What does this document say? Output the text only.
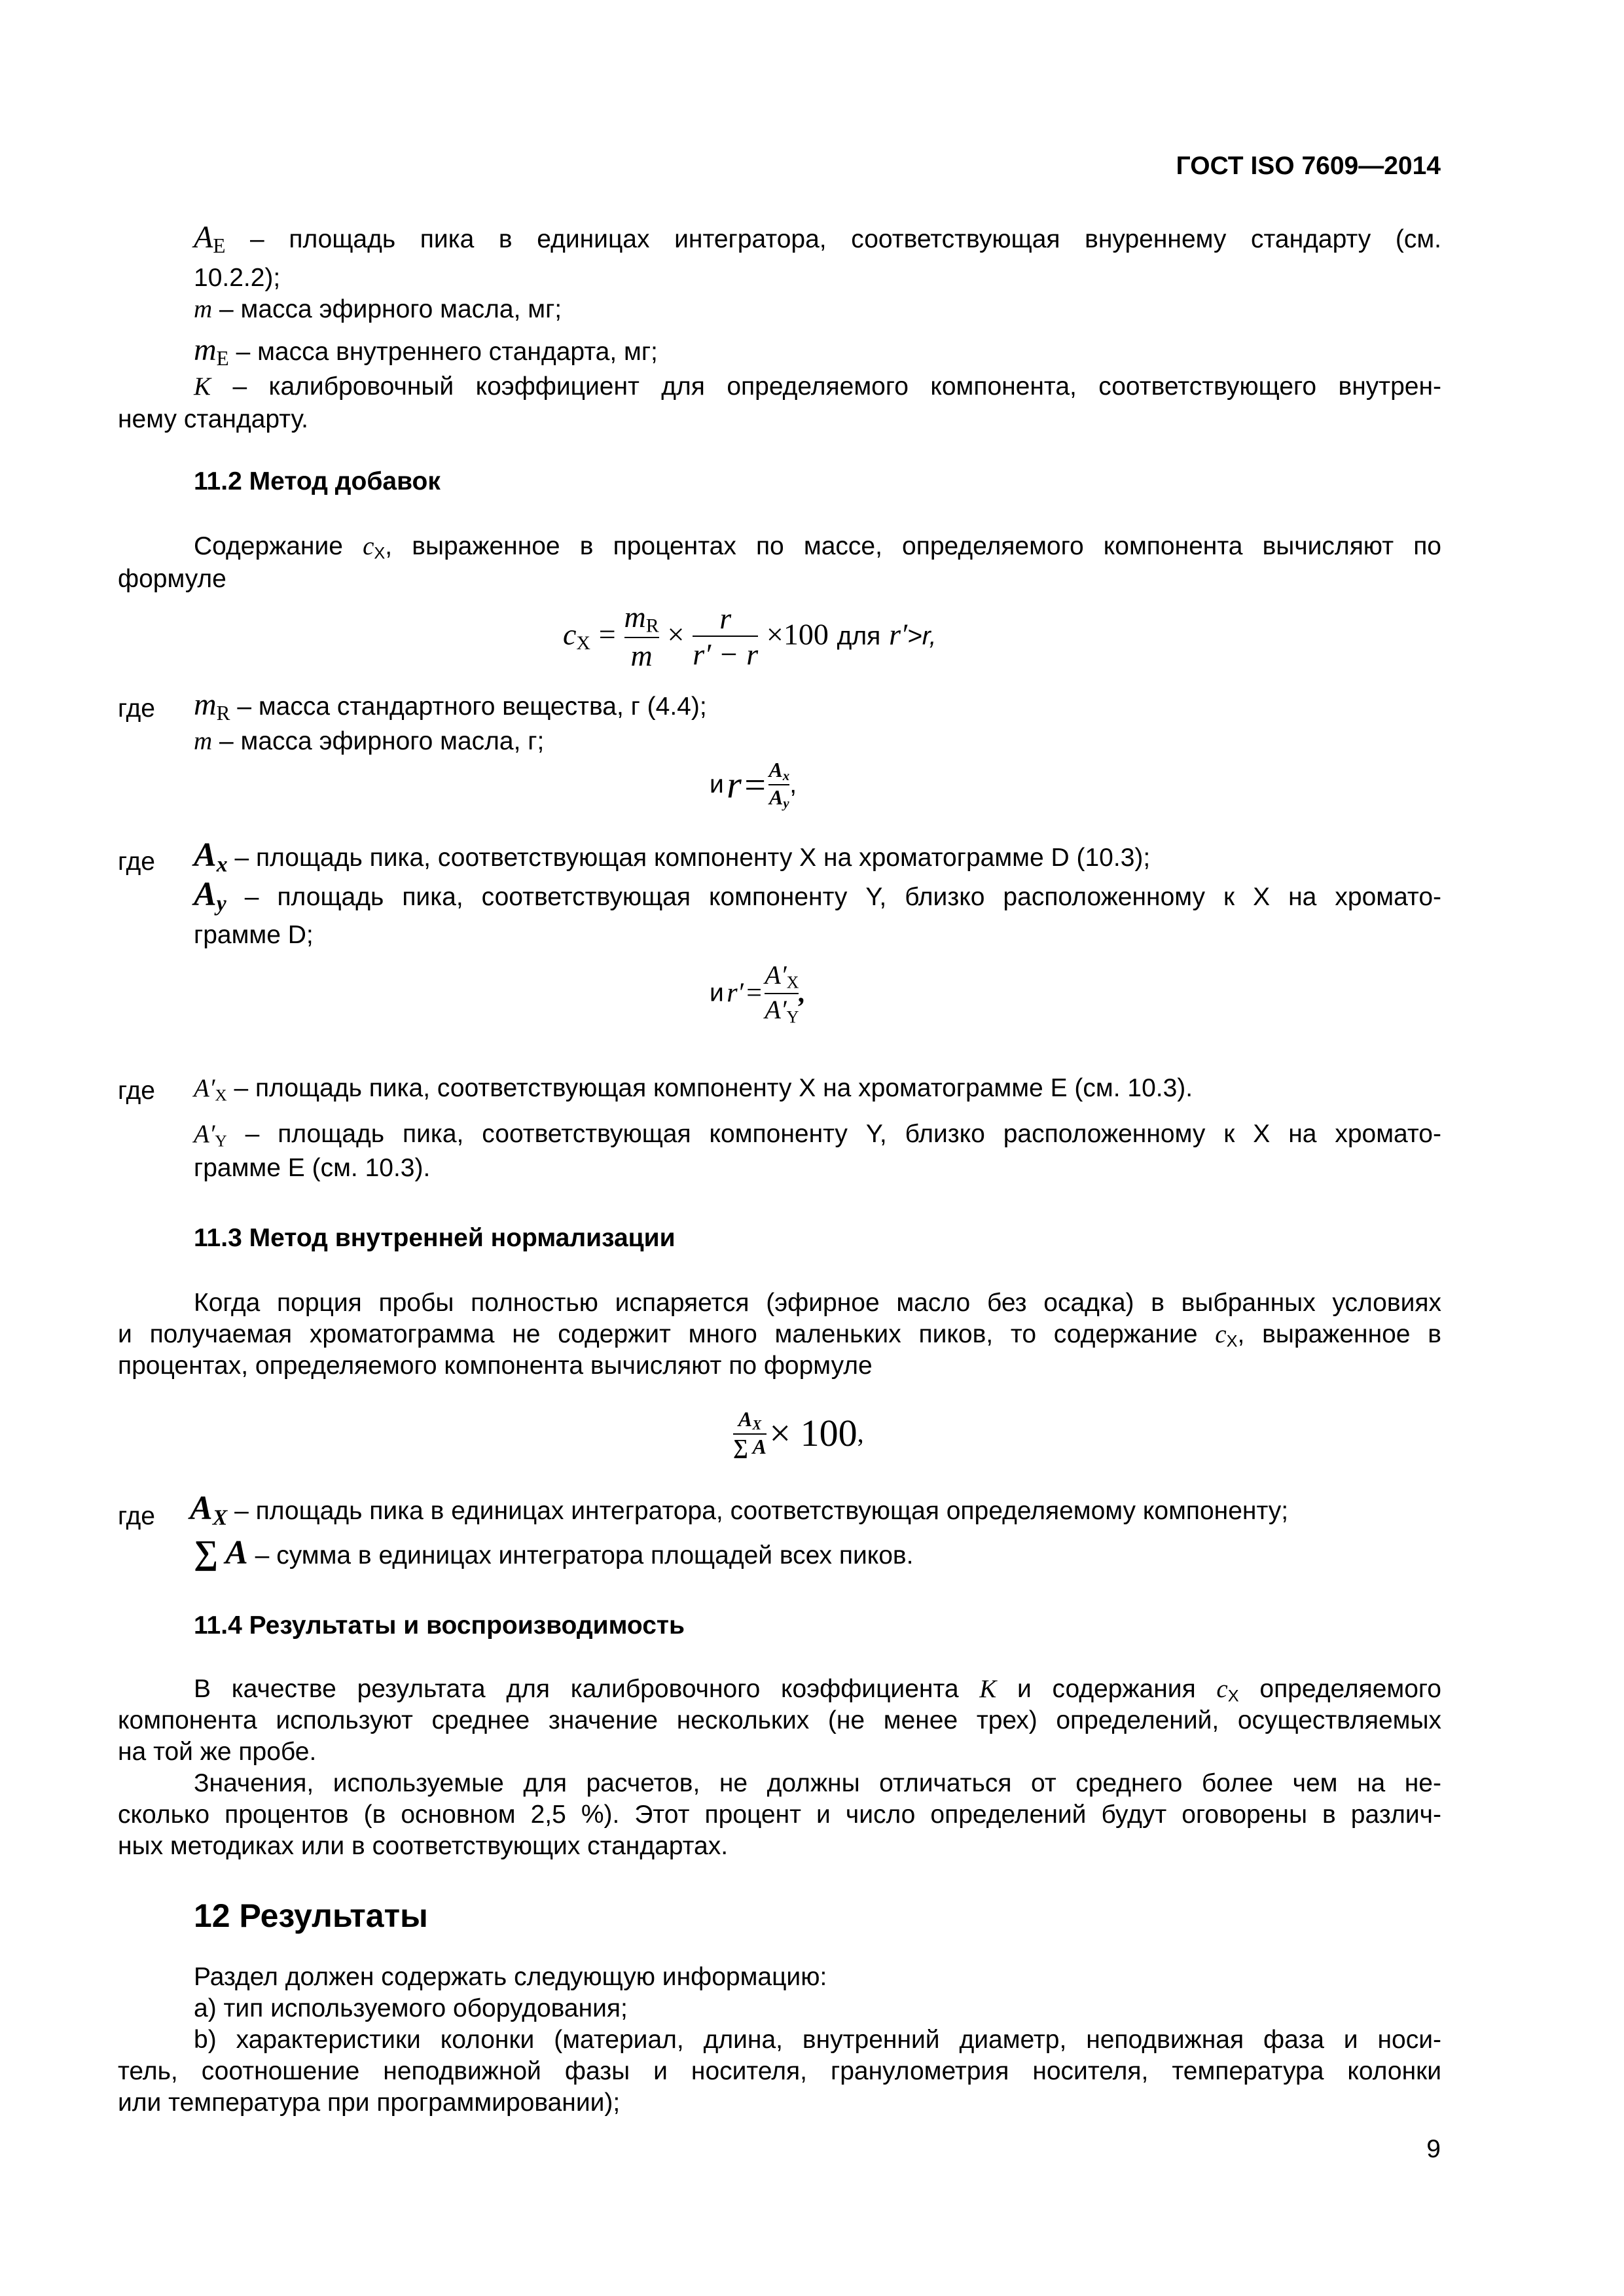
ГОСТ ISO 7609—2014
$A_E$ – площадь пика в единицах интегратора, соответствующая внуреннему стандарту (см.
10.2.2);
m – масса эфирного масла, мг;
$m_E$ – масса внутреннего стандарта, мг;
K – калибровочный коэффициент для определяемого компонента, соответствующего внутрен-
нему стандарту.
11.2 Метод добавок
Содержание $c_X$, выраженное в процентах по массе, определяемого компонента вычисляют по
формуле
$c_X = \frac{m_R}{m} \times \frac{r}{r' - r} \times 100$ для r′>r,
где $m_R$ – масса стандартного вещества, г (4.4);
m – масса эфирного масла, г;
и $r = \frac{A_x}{A_y}$ ,
где $A_x$ – площадь пика, соответствующая компоненту X на хроматограмме D (10.3);
$A_y$ – площадь пика, соответствующая компоненту Y, близко расположенному к X на хромато-
грамме D;
и $r' = \frac{A'_X}{A'_Y}$ ,
где $A'_X$ – площадь пика, соответствующая компоненту X на хроматограмме E (см. 10.3).
$A'_Y$ – площадь пика, соответствующая компоненту Y, близко расположенному к X на хромато-
грамме E (см. 10.3).
11.3 Метод внутренней нормализации
Когда порция пробы полностью испаряется (эфирное масло без осадка) в выбранных условиях
и получаемая хроматограмма не содержит много маленьких пиков, то содержание $c_X$, выраженное в
процентах, определяемого компонента вычисляют по формуле
$\frac{A_X}{\sum A} \times 100$,
где $A_X$ – площадь пика в единицах интегратора, соответствующая определяемому компоненту;
∑ A – сумма в единицах интегратора площадей всех пиков.
11.4 Результаты и воспроизводимость
В качестве результата для калибровочного коэффициента K и содержания $c_X$ определяемого
компонента используют среднее значение нескольких (не менее трех) определений, осуществляемых
на той же пробе.
Значения, используемые для расчетов, не должны отличаться от среднего более чем на не-
сколько процентов (в основном 2,5 %). Этот процент и число определений будут оговорены в различ-
ных методиках или в соответствующих стандартах.
12 Результаты
Раздел должен содержать следующую информацию:
a) тип используемого оборудования;
b) характеристики колонки (материал, длина, внутренний диаметр, неподвижная фаза и носи-
тель, соотношение неподвижной фазы и носителя, гранулометрия носителя, температура колонки
или температура при программировании);
9
